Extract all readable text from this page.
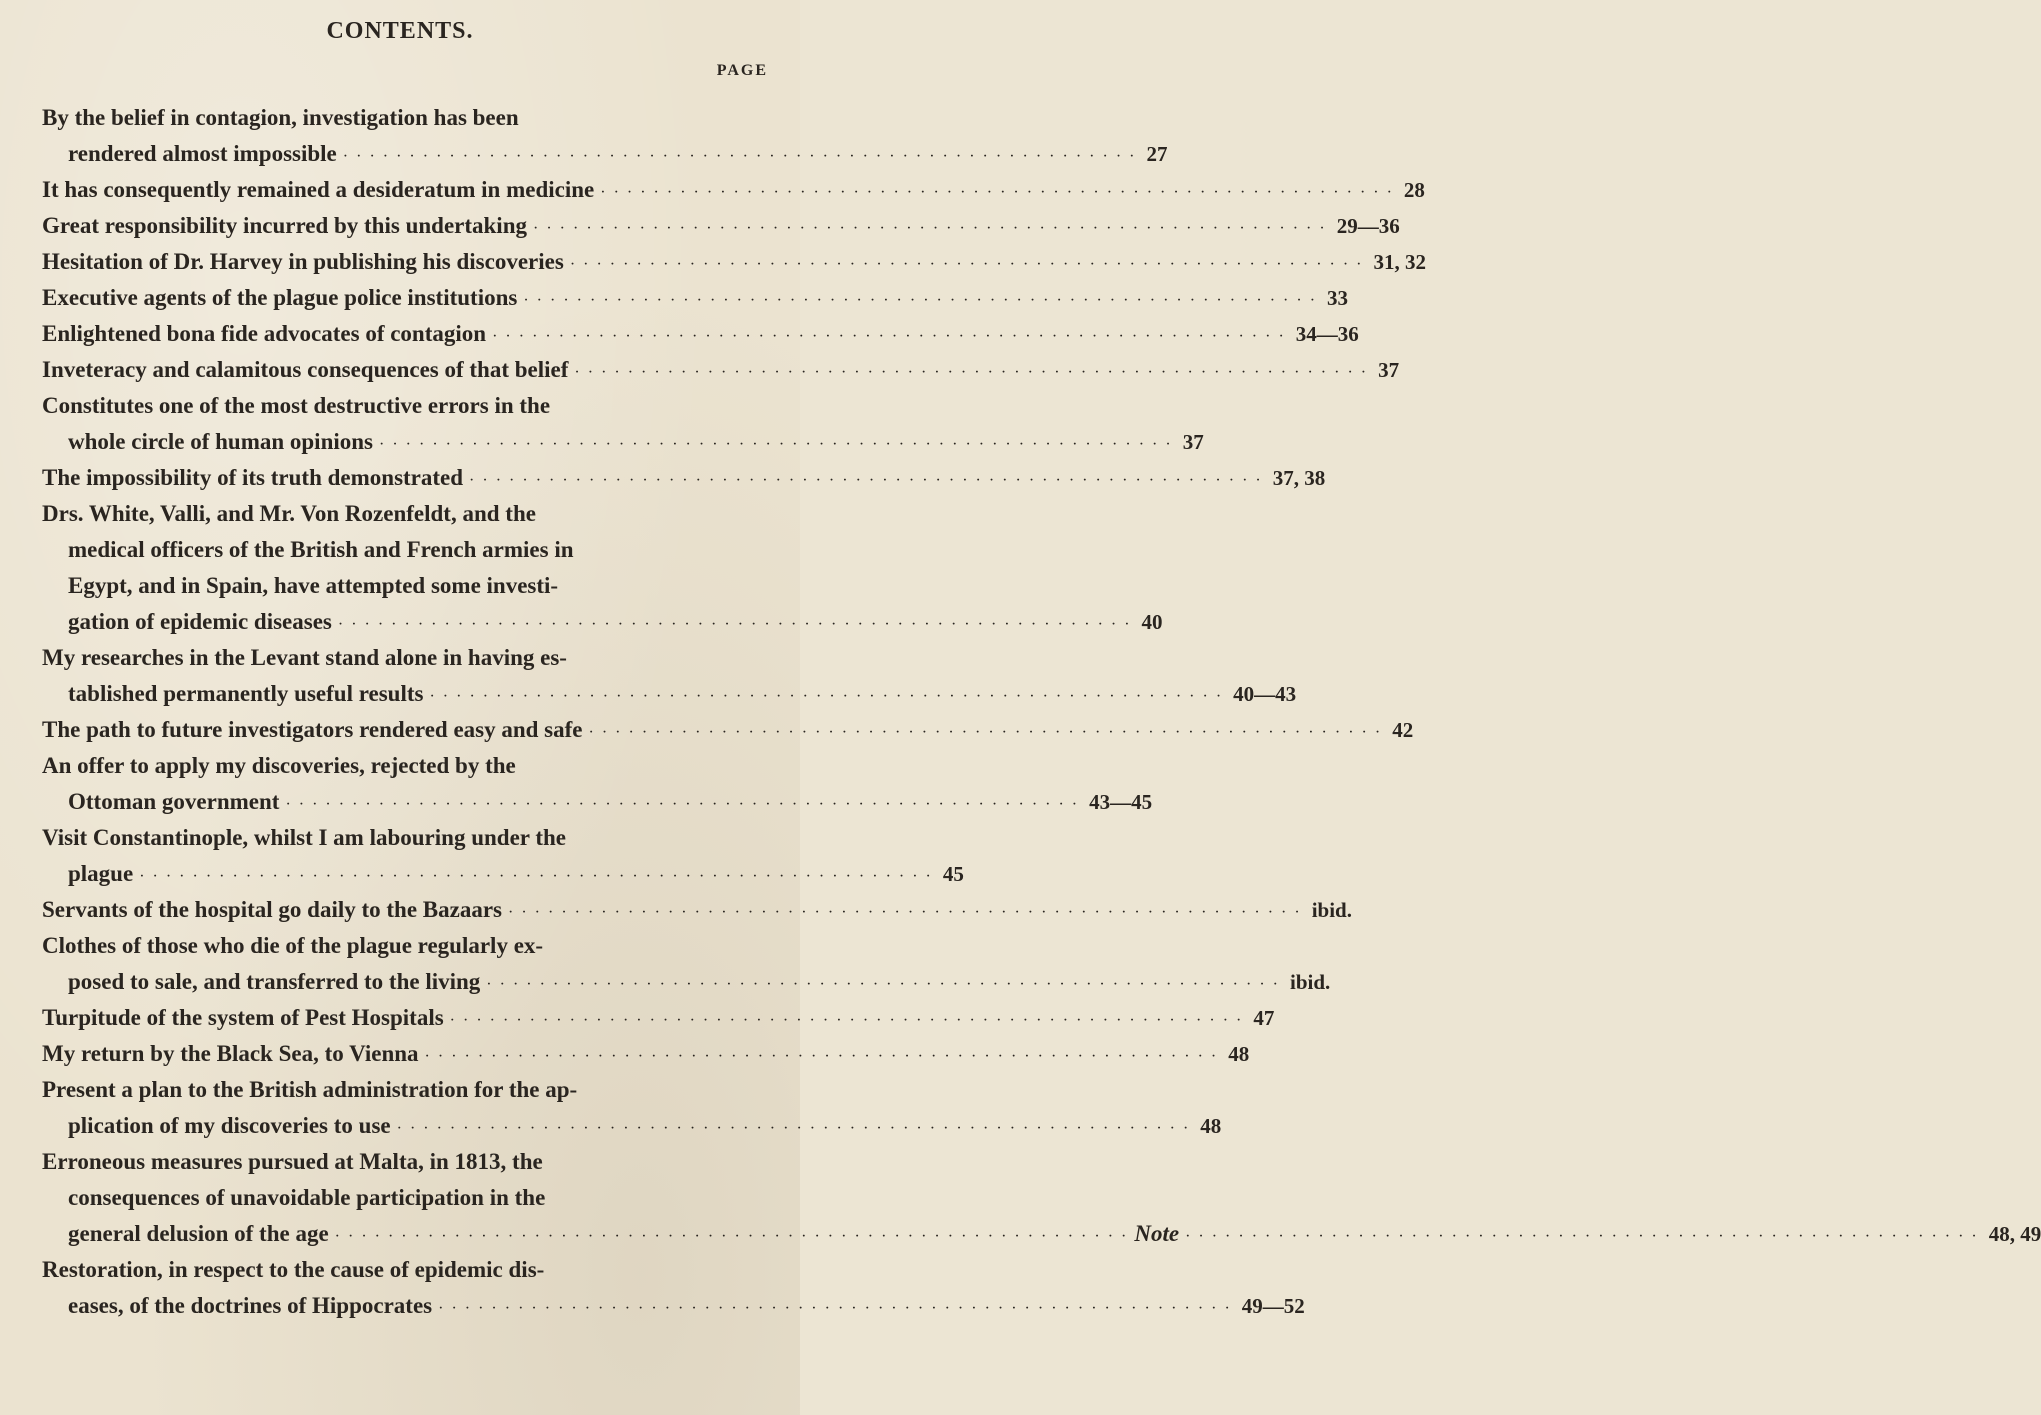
CONTENTS.
PAGE
By the belief in contagion, investigation has been
rendered almost impossible · · ·	27
It has consequently remained a desideratum in medicine · · ·	28
Great responsibility incurred by this undertaking · · ·	29—36
Hesitation of Dr. Harvey in publishing his discoveries · · ·	31, 32
Executive agents of the plague police institutions · · ·	33
Enlightened bona fide advocates of contagion · · ·	34—36
Inveteracy and calamitous consequences of that belief · · ·	37
Constitutes one of the most destructive errors in the
whole circle of human opinions · · ·	37
The impossibility of its truth demonstrated · · ·	37, 38
Drs. White, Valli, and Mr. Von Rozenfeldt, and the
medical officers of the British and French armies in
Egypt, and in Spain, have attempted some investi-
gation of epidemic diseases · · ·	40
My researches in the Levant stand alone in having es-
tablished permanently useful results · · ·	40—43
The path to future investigators rendered easy and safe · · ·	42
An offer to apply my discoveries, rejected by the
Ottoman government · · ·	43—45
Visit Constantinople, whilst I am labouring under the
plague · · ·	45
Servants of the hospital go daily to the Bazaars · · ·	ibid.
Clothes of those who die of the plague regularly ex-
posed to sale, and transferred to the living · · ·	ibid.
Turpitude of the system of Pest Hospitals · · ·	47
My return by the Black Sea, to Vienna · · ·	48
Present a plan to the British administration for the ap-
plication of my discoveries to use · · ·	48
Erroneous measures pursued at Malta, in 1813, the
consequences of unavoidable participation in the
general delusion of the age · · ·	Note · · ·	48, 49
Restoration, in respect to the cause of epidemic dis-
eases, of the doctrines of Hippocrates · · ·	49—52
